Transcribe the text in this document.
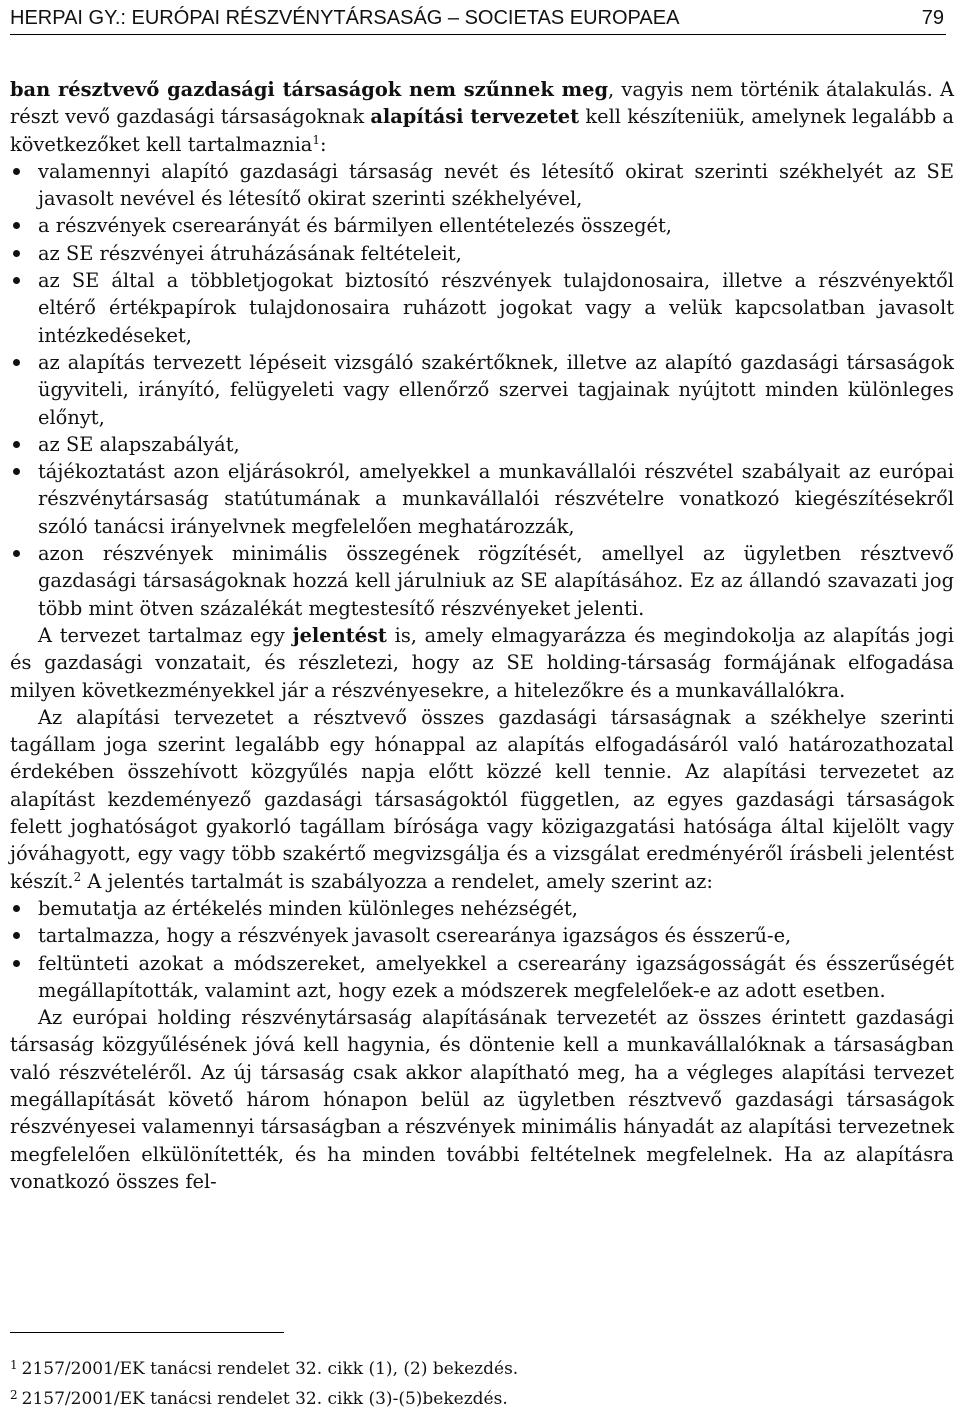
HERPAI GY.: EURÓPAI RÉSZVÉNYTÁRSASÁG – SOCIETAS EUROPAEA	79

ban résztvevő gazdasági társaságok nem szűnnek meg, vagyis nem történik átalakulás. A részt vevő gazdasági társaságoknak alapítási tervezetet kell készíteniük, amelynek legalább a következőket kell tartalmaznia$^1$:

valamennyi alapító gazdasági társaság nevét és létesítő okirat szerinti székhelyét az SE javasolt nevével és létesítő okirat szerinti székhelyével,
a részvények cserearányát és bármilyen ellentételezés összegét,
az SE részvényei átruházásának feltételeit,
az SE által a többletjogokat biztosító részvények tulajdonosaira, illetve a részvényektől eltérő értékpapírok tulajdonosaira ruházott jogokat vagy a velük kapcsolatban javasolt intézkedéseket,
az alapítás tervezett lépéseit vizsgáló szakértőknek, illetve az alapító gazdasági társaságok ügyviteli, irányító, felügyeleti vagy ellenőrző szervei tagjainak nyújtott minden különleges előnyt,
az SE alapszabályát,
tájékoztatást azon eljárásokról, amelyekkel a munkavállalói részvétel szabályait az európai részvénytársaság statútumának a munkavállalói részvételre vonatkozó kiegészítésekről szóló tanácsi irányelvnek megfelelően meghatározzák,
azon részvények minimális összegének rögzítését, amellyel az ügyletben résztvevő gazdasági társaságoknak hozzá kell járulniuk az SE alapításához. Ez az állandó szavazati jog több mint ötven százalékát megtestesítő részvényeket jelenti.

A tervezet tartalmaz egy jelentést is, amely elmagyarázza és megindokolja az alapítás jogi és gazdasági vonzatait, és részletezi, hogy az SE holding-társaság formájának elfogadása milyen következményekkel jár a részvényesekre, a hitelezőkre és a munkavállalókra.

Az alapítási tervezetet a résztvevő összes gazdasági társaságnak a székhelye szerinti tagállam joga szerint legalább egy hónappal az alapítás elfogadásáról való határozathozatal érdekében összehívott közgyűlés napja előtt közzé kell tennie. Az alapítási tervezetet az alapítást kezdeményező gazdasági társaságoktól független, az egyes gazdasági társaságok felett joghatóságot gyakorló tagállam bírósága vagy közigazgatási hatósága által kijelölt vagy jóváhagyott, egy vagy több szakértő megvizsgálja és a vizsgálat eredményéről írásbeli jelentést készít.$^2$ A jelentés tartalmát is szabályozza a rendelet, amely szerint az:

bemutatja az értékelés minden különleges nehézségét,
tartalmazza, hogy a részvények javasolt cserearánya igazságos és ésszerű-e,
feltünteti azokat a módszereket, amelyekkel a cserearány igazságosságát és ésszerűségét megállapították, valamint azt, hogy ezek a módszerek megfelelőek-e az adott esetben.

Az európai holding részvénytársaság alapításának tervezetét az összes érintett gazdasági társaság közgyűlésének jóvá kell hagynia, és döntenie kell a munkavállalóknak a társaságban való részvételéről. Az új társaság csak akkor alapítható meg, ha a végleges alapítási tervezet megállapítását követő három hónapon belül az ügyletben résztvevő gazdasági társaságok részvényesei valamennyi társaságban a részvények minimális hányadát az alapítási tervezetnek megfelelően elkülönítették, és ha minden további feltételnek megfelelnek. Ha az alapításra vonatkozó összes fel-

$^1$ 2157/2001/EK tanácsi rendelet 32. cikk (1), (2) bekezdés.
$^2$ 2157/2001/EK tanácsi rendelet 32. cikk (3)-(5)bekezdés.
